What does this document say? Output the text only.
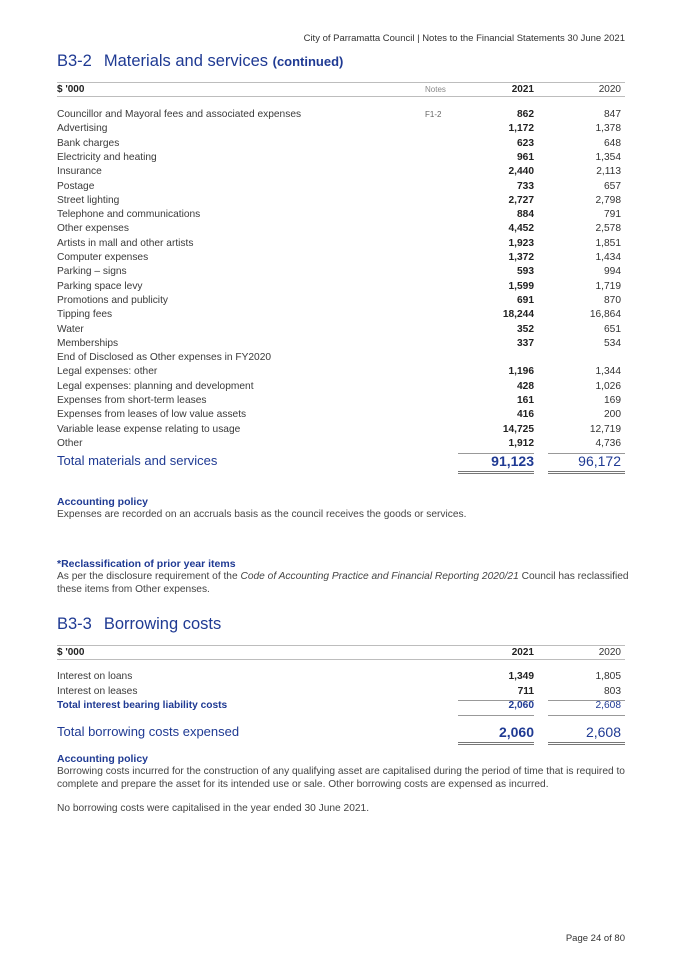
City of Parramatta Council | Notes to the Financial Statements 30 June 2021
B3-2 Materials and services (continued)
$ '000	Notes	2021	2020
Councillor and Mayoral fees and associated expenses	F1-2	862	847
Advertising	1,172	1,378
Bank charges	623	648
Electricity and heating	961	1,354
Insurance	2,440	2,113
Postage	733	657
Street lighting	2,727	2,798
Telephone and communications	884	791
Other expenses	4,452	2,578
Artists in mall and other artists	1,923	1,851
Computer expenses	1,372	1,434
Parking – signs	593	994
Parking space levy	1,599	1,719
Promotions and publicity	691	870
Tipping fees	18,244	16,864
Water	352	651
Memberships	337	534
End of Disclosed as Other expenses in FY2020
Legal expenses: other	1,196	1,344
Legal expenses: planning and development	428	1,026
Expenses from short-term leases	161	169
Expenses from leases of low value assets	416	200
Variable lease expense relating to usage	14,725	12,719
Other	1,912	4,736
Total materials and services	91,123	96,172
Accounting policy
Expenses are recorded on an accruals basis as the council receives the goods or services.
*Reclassification of prior year items
As per the disclosure requirement of the Code of Accounting Practice and Financial Reporting 2020/21 Council has reclassified these items from Other expenses.
B3-3 Borrowing costs
$ '000	2021	2020
Interest on loans	1,349	1,805
Interest on leases	711	803
Total interest bearing liability costs	2,060	2,608
Total borrowing costs expensed	2,060	2,608
Accounting policy
Borrowing costs incurred for the construction of any qualifying asset are capitalised during the period of time that is required to complete and prepare the asset for its intended use or sale. Other borrowing costs are expensed as incurred.
No borrowing costs were capitalised in the year ended 30 June 2021.
Page 24 of 80
